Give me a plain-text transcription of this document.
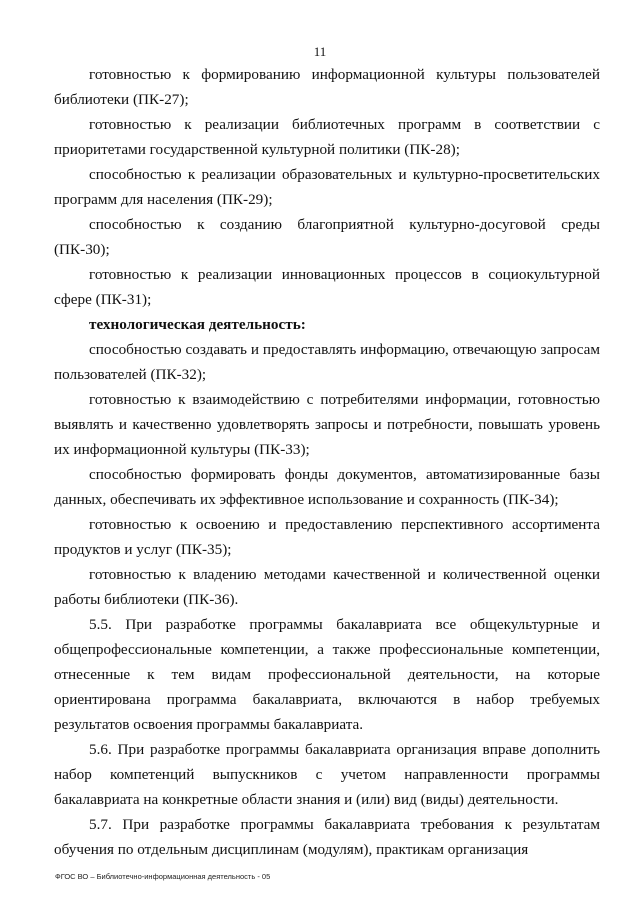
11

готовностью к формированию информационной культуры пользователей библиотеки (ПК-27);

готовностью к реализации библиотечных программ в соответствии с приоритетами государственной культурной политики (ПК-28);

способностью к реализации образовательных и культурно-просветительских программ для населения (ПК-29);

способностью к созданию благоприятной культурно-досуговой среды (ПК-30);

готовностью к реализации инновационных процессов в социокультурной сфере (ПК-31);

технологическая деятельность:

способностью создавать и предоставлять информацию, отвечающую запросам пользователей (ПК-32);

готовностью к взаимодействию с потребителями информации, готовностью выявлять и качественно удовлетворять запросы и потребности, повышать уровень их информационной культуры (ПК-33);

способностью формировать фонды документов, автоматизированные базы данных, обеспечивать их эффективное использование и сохранность (ПК-34);

готовностью к освоению и предоставлению перспективного ассортимента продуктов и услуг (ПК-35);

готовностью к владению методами качественной и количественной оценки работы библиотеки (ПК-36).

5.5. При разработке программы бакалавриата все общекультурные и общепрофессиональные компетенции, а также профессиональные компетенции, отнесенные к тем видам профессиональной деятельности, на которые ориентирована программа бакалавриата, включаются в набор требуемых результатов освоения программы бакалавриата.

5.6. При разработке программы бакалавриата организация вправе дополнить набор компетенций выпускников с учетом направленности программы бакалавриата на конкретные области знания и (или) вид (виды) деятельности.

5.7. При разработке программы бакалавриата требования к результатам обучения по отдельным дисциплинам (модулям), практикам организация

ФГОС ВО – Библиотечно-информационная деятельность - 05
